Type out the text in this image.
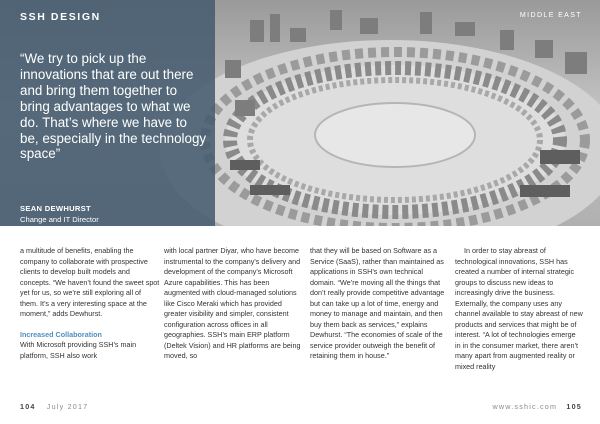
SSH DESIGN	MIDDLE EAST

“We try to pick up the innovations that are out there and bring them together to bring advantages to what we do. That’s where we have to be, especially in the technology space”

SEAN DEWHURST
Change and IT Director

a multitude of benefits, enabling the company to collaborate with prospective clients to develop built models and concepts. “We haven’t found the sweet spot yet for us, so we’re still exploring all of them. It’s a very interesting space at the moment,” adds Dewhurst.

Increased Collaboration

With Microsoft providing SSH’s main platform, SSH also work

with local partner Diyar, who have become instrumental to the company’s delivery and development of the company’s Microsoft Azure capabilities. This has been augmented with cloud-managed solutions like Cisco Meraki which has provided greater visibility and simpler, consistent configuration across offices in all geographies. SSH’s main ERP platform (Deltek Vision) and HR platforms are being moved, so

that they will be based on Software as a Service (SaaS), rather than maintained as applications in SSH’s own technical domain. “We’re moving all the things that don’t really provide competitive advantage but can take up a lot of time, energy and money to manage and maintain, and then buy them back as services,” explains Dewhurst. “The economies of scale of the service provider outweigh the benefit of retaining them in house.”

In order to stay abreast of technological innovations, SSH has created a number of internal strategic groups to discuss new ideas to increasingly drive the business. Externally, the company uses any channel available to stay abreast of new products and services that might be of interest. “A lot of technologies emerge in in the consumer market, there aren’t many apart from augmented reality or mixed reality

104 July 2017	www.sshic.com 105
